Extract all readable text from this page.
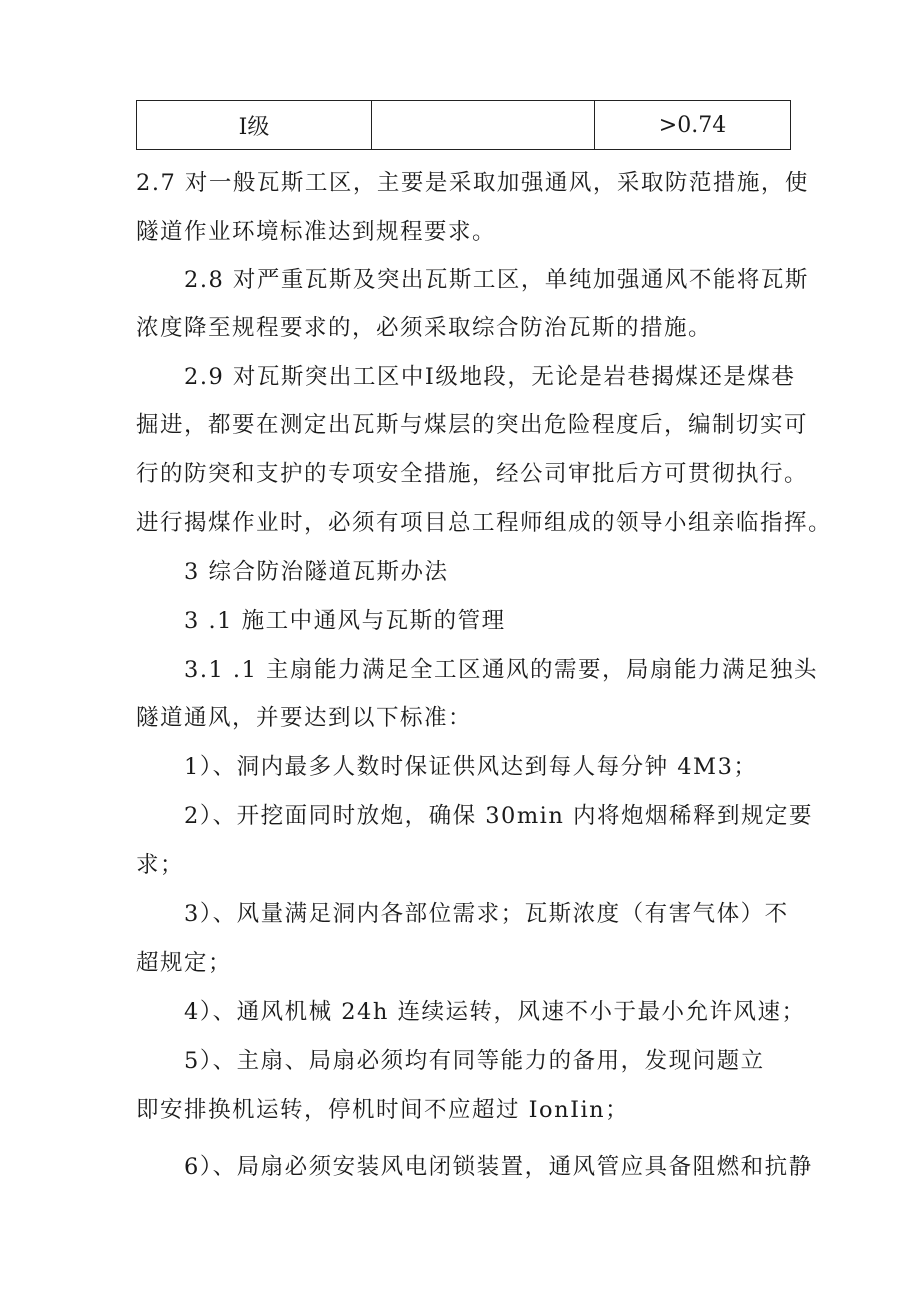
Ⅰ级		>0.74
2.7 对一般瓦斯工区，主要是采取加强通风，采取防范措施，使
隧道作业环境标准达到规程要求。
2.8 对严重瓦斯及突出瓦斯工区，单纯加强通风不能将瓦斯
浓度降至规程要求的，必须采取综合防治瓦斯的措施。
2.9 对瓦斯突出工区中Ⅰ级地段，无论是岩巷揭煤还是煤巷
掘进，都要在测定出瓦斯与煤层的突出危险程度后，编制切实可
行的防突和支护的专项安全措施，经公司审批后方可贯彻执行。
进行揭煤作业时，必须有项目总工程师组成的领导小组亲临指挥。
3 综合防治隧道瓦斯办法
3 .1 施工中通风与瓦斯的管理
3.1 .1 主扇能力满足全工区通风的需要，局扇能力满足独头
隧道通风，并要达到以下标准：
1）、洞内最多人数时保证供风达到每人每分钟 4M3；
2）、开挖面同时放炮，确保 30min 内将炮烟稀释到规定要
求；
3）、风量满足洞内各部位需求；瓦斯浓度（有害气体）不
超规定；
4）、通风机械 24h 连续运转，风速不小于最小允许风速；
5）、主扇、局扇必须均有同等能力的备用，发现问题立
即安排换机运转，停机时间不应超过 IonIin；
6）、局扇必须安装风电闭锁装置，通风管应具备阻燃和抗静
